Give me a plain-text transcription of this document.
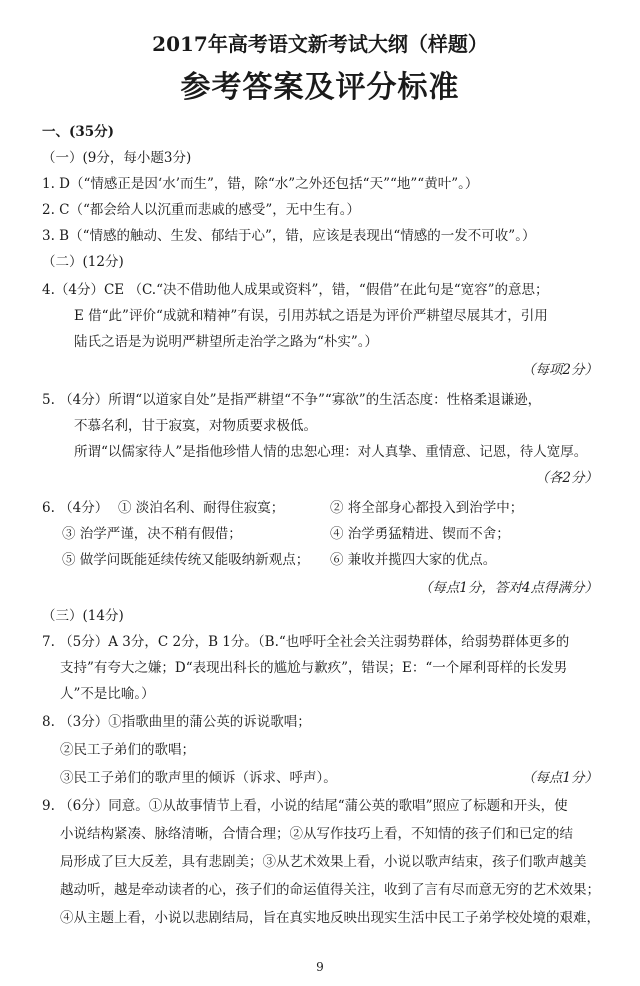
2017年高考语文新考试大纲（样题）
参考答案及评分标准
一、(35分)
（一）(9分，每小题3分)
1. D（“情感正是因‘水’而生”，错，除“水”之外还包括“天”“地”“黄叶”。）
2. C（“都会给人以沉重而悲戚的感受”，无中生有。）
3. B（“情感的触动、生发、郁结于心”，错，应该是表现出“情感的一发不可收”。）
（二）(12分)
4.（4分）CE （C.“决不借助他人成果或资料”，错，“假借”在此句是“宽容”的意思；
E 借“此”评价“成就和精神”有误，引用苏轼之语是为评价严耕望尽展其才，引用
陆氏之语是为说明严耕望所走治学之路为“朴实”。）
（每项2分）
5. （4分）所谓“以道家自处”是指严耕望“不争”“寡欲”的生活态度：性格柔退谦逊，
不慕名利，甘于寂寞，对物质要求极低。
所谓“以儒家待人”是指他珍惜人情的忠恕心理：对人真挚、重情意、记恩，待人宽厚。
（各2分）
6. （4分） ① 淡泊名利、耐得住寂寞；	② 将全部身心都投入到治学中；
③ 治学严谨，决不稍有假借；	④ 治学勇猛精进、锲而不舍；
⑤ 做学问既能延续传统又能吸纳新观点； ⑥ 兼收并揽四大家的优点。
（每点1分，答对4点得满分）
（三）(14分)
7. （5分）A 3分，C 2分，B 1分。（B.“也呼吁全社会关注弱势群体，给弱势群体更多的
支持”有夸大之嫌；D“表现出科长的尴尬与歉疚”，错误；E：“一个犀利哥样的长发男
人”不是比喻。）
8. （3分）①指歌曲里的蒲公英的诉说歌唱；
②民工子弟们的歌唱；
③民工子弟们的歌声里的倾诉（诉求、呼声）。	（每点1分）
9. （6分）同意。①从故事情节上看，小说的结尾“蒲公英的歌唱”照应了标题和开头，使
小说结构紧凑、脉络清晰，合情合理；②从写作技巧上看，不知情的孩子们和已定的结
局形成了巨大反差，具有悲剧美；③从艺术效果上看，小说以歌声结束，孩子们歌声越美
越动听，越是牵动读者的心，孩子们的命运值得关注，收到了言有尽而意无穷的艺术效果；
④从主题上看，小说以悲剧结局，旨在真实地反映出现实生活中民工子弟学校处境的艰难，
9
